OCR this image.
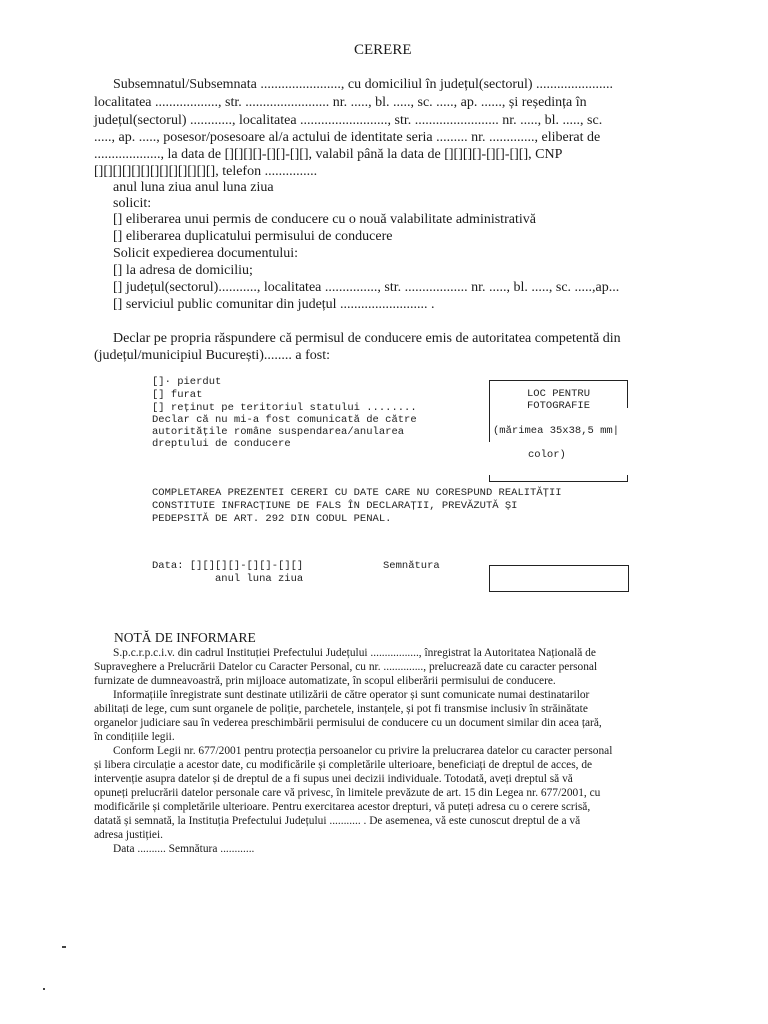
CERERE
Subsemnatul/Subsemnata ......................., cu domiciliul în județul(sectorul) ......................
localitatea .................., str. ........................ nr. ....., bl. ....., sc. ....., ap. ......, și reședința în
județul(sectorul) ............, localitatea ........................., str. ........................ nr. ....., bl. ....., sc.
....., ap. ....., posesor/posesoare al/a actului de identitate seria ......... nr. ............., eliberat de
..................., la data de [][][][]-[][]-[][], valabil până la data de [][][][]-[][]-[][], CNP
[][][][][][][][][][][][][], telefon ...............
anul luna ziua anul luna ziua
solicit:
[] eliberarea unui permis de conducere cu o nouă valabilitate administrativă
[] eliberarea duplicatului permisului de conducere
Solicit expedierea documentului:
[] la adresa de domiciliu;
[] județul(sectorul)..........., localitatea ..............., str. .................. nr. ....., bl. ....., sc. .....,ap...
[] serviciul public comunitar din județul ......................... .
Declar pe propria răspundere că permisul de conducere emis de autoritatea competentă din
(județul/municipiul București)........ a fost:
[]· pierdut
[] furat
[] reținut pe teritoriul statului ........
Declar că nu mi-a fost comunicată de către
autoritățile române suspendarea/anularea
dreptului de conducere
LOC PENTRU
FOTOGRAFIE
(mărimea 35x38,5 mm|
color)
COMPLETAREA PREZENTEI CERERI CU DATE CARE NU CORESPUND REALITĂȚII
CONSTITUIE INFRACȚIUNE DE FALS ÎN DECLARAȚII, PREVĂZUTĂ ȘI
PEDEPSITĂ DE ART. 292 DIN CODUL PENAL.
Data: [][][][]-[][]-[][]
anul luna ziua
Semnătura
NOTĂ DE INFORMARE
S.p.c.r.p.c.i.v. din cadrul Instituției Prefectului Județului ................., înregistrat la Autoritatea Națională de
Supraveghere a Prelucrării Datelor cu Caracter Personal, cu nr. .............., prelucrează date cu caracter personal
furnizate de dumneavoastră, prin mijloace automatizate, în scopul eliberării permisului de conducere.
Informațiile înregistrate sunt destinate utilizării de către operator și sunt comunicate numai destinatarilor
abilitați de lege, cum sunt organele de poliție, parchetele, instanțele, și pot fi transmise inclusiv în străinătate
organelor judiciare sau în vederea preschimbării permisului de conducere cu un document similar din acea țară,
în condițiile legii.
Conform Legii nr. 677/2001 pentru protecția persoanelor cu privire la prelucrarea datelor cu caracter personal
și libera circulație a acestor date, cu modificările și completările ulterioare, beneficiați de dreptul de acces, de
intervenție asupra datelor și de dreptul de a fi supus unei decizii individuale. Totodată, aveți dreptul să vă
opuneți prelucrării datelor personale care vă privesc, în limitele prevăzute de art. 15 din Legea nr. 677/2001, cu
modificările și completările ulterioare. Pentru exercitarea acestor drepturi, vă puteți adresa cu o cerere scrisă,
datată și semnată, la Instituția Prefectului Județului ........... . De asemenea, vă este cunoscut dreptul de a vă
adresa justiției.
Data .......... Semnătura ............
